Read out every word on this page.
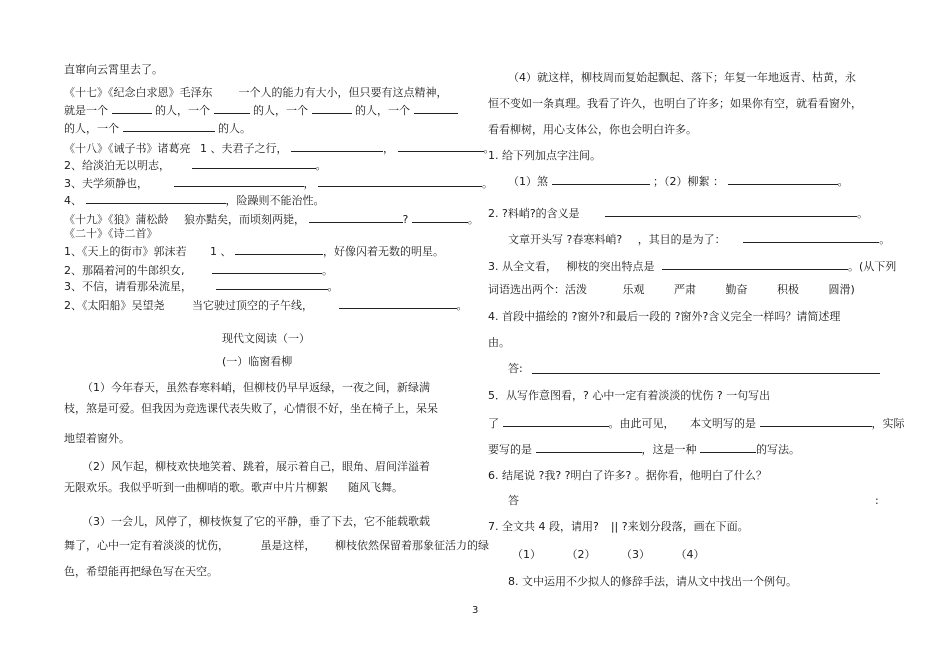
直窜向云霄里去了。
《十七》《纪念白求恩》毛泽东 一个人的能力有大小，但只要有这点精神，
就是一个	的人，一个	的人，一个	的人，一个
的人，一个	的人。
《十八》《诫子书》诸葛亮 1 、夫君子之行，	，	。
2、给淡泊无以明志，	。
3、夫学须静也，	，	。
4、	，险躁则不能治性。
《十九》《狼》蒲松龄 狼亦黠矣，而顷刻两毙，	?	。
《二十》《诗二首》
1、《天上的街市》郭沫若 1 、	，好像闪着无数的明星。
2、那隔着河的牛郎织女,	。
3、不信，请看那朵流星，	。
2、《太阳船》吴望尧	当它驶过顶空的子午线，	。
现代文阅读（一）
(一）临窗看柳
（1）今年春天，虽然春寒料峭，但柳枝仍早早返绿，一夜之间，新绿满
枝，煞是可爱。但我因为竞选课代表失败了，心情很不好，坐在椅子上，呆呆
地望着窗外。
（2）风乍起，柳枝欢快地笑着、跳着，展示着自己，眼角、眉间洋溢着
无限欢乐。我似乎听到一曲柳哨的歌。歌声中片片柳絮 随风飞舞。
（3）一会儿，风停了，柳枝恢复了它的平静，垂了下去，它不能载歌载
舞了，心中一定有着淡淡的忧伤，	虽是这样， 柳枝依然保留着那象征活力的绿
色，希望能再把绿色写在天空。
（4）就这样，柳枝周而复始起飘起、落下；年复一年地返青、枯黄，永
恒不变如一条真理。我看了许久，也明白了许多；如果你有空，就看看窗外，
看看柳树，用心支体公，你也会明白许多。
1. 给下列加点字注间。
（1）煞	；（2）柳絮 ：	。
2. ?料峭?的含义是	。
文章开头写 ?春寒料峭? ，其目的是为了：	。
3. 从全文看， 柳枝的突出特点是	。(从下列
词语选出两个：活泼	乐观	严肃	勤奋	积极	圆滑)
4. 首段中描绘的 ?窗外?和最后一段的 ?窗外?含义完全一样吗？请简述理
由。
答:
5．从写作意图看，? 心中一定有着淡淡的忧伤 ? 一句写出
了	。由此可见， 本文明写的是	，实际
要写的是	，这是一种	的写法。
6. 结尾说 ?我? ?明白了许多? 。据你看，他明白了什么？
答	:
7. 全文共 4 段，请用? || ?来划分段落，画在下面。
（1） （2） （3） （4）
8. 文中运用不少拟人的修辞手法，请从文中找出一个例句。
3
